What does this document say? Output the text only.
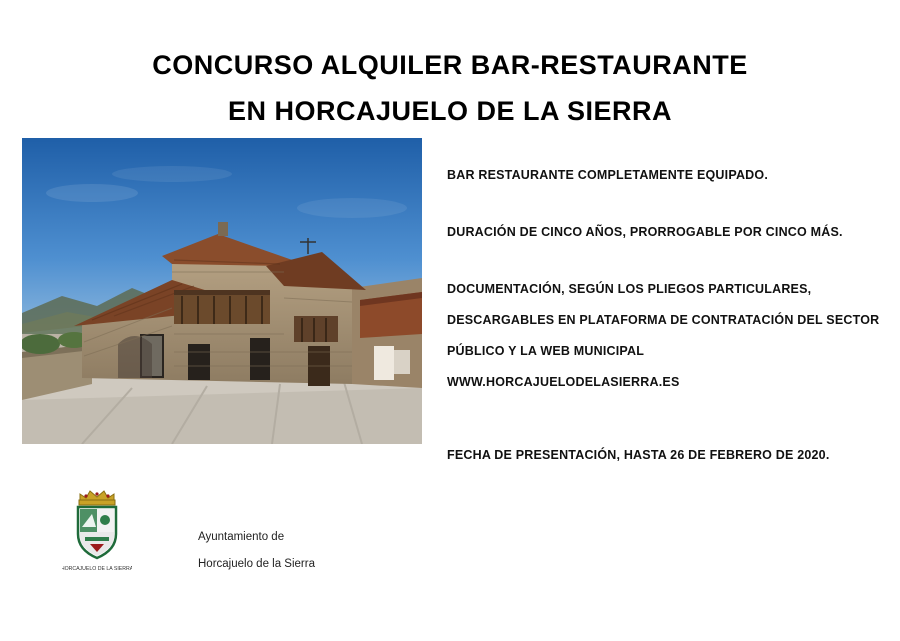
CONCURSO ALQUILER BAR-RESTAURANTE
EN HORCAJUELO DE LA SIERRA
BAR RESTAURANTE COMPLETAMENTE EQUIPADO.
DURACIÓN DE CINCO AÑOS, PRORROGABLE POR CINCO MÁS.
DOCUMENTACIÓN, SEGÚN LOS PLIEGOS PARTICULARES,
DESCARGABLES EN PLATAFORMA DE CONTRATACIÓN DEL SECTOR
PÚBLICO Y LA WEB MUNICIPAL
WWW.HORCAJUELODELASIERRA.ES
FECHA DE PRESENTACIÓN, HASTA 26 DE FEBRERO DE 2020.
HORCAJUELO DE LA SIERRA
Ayuntamiento de
Horcajuelo de la Sierra
